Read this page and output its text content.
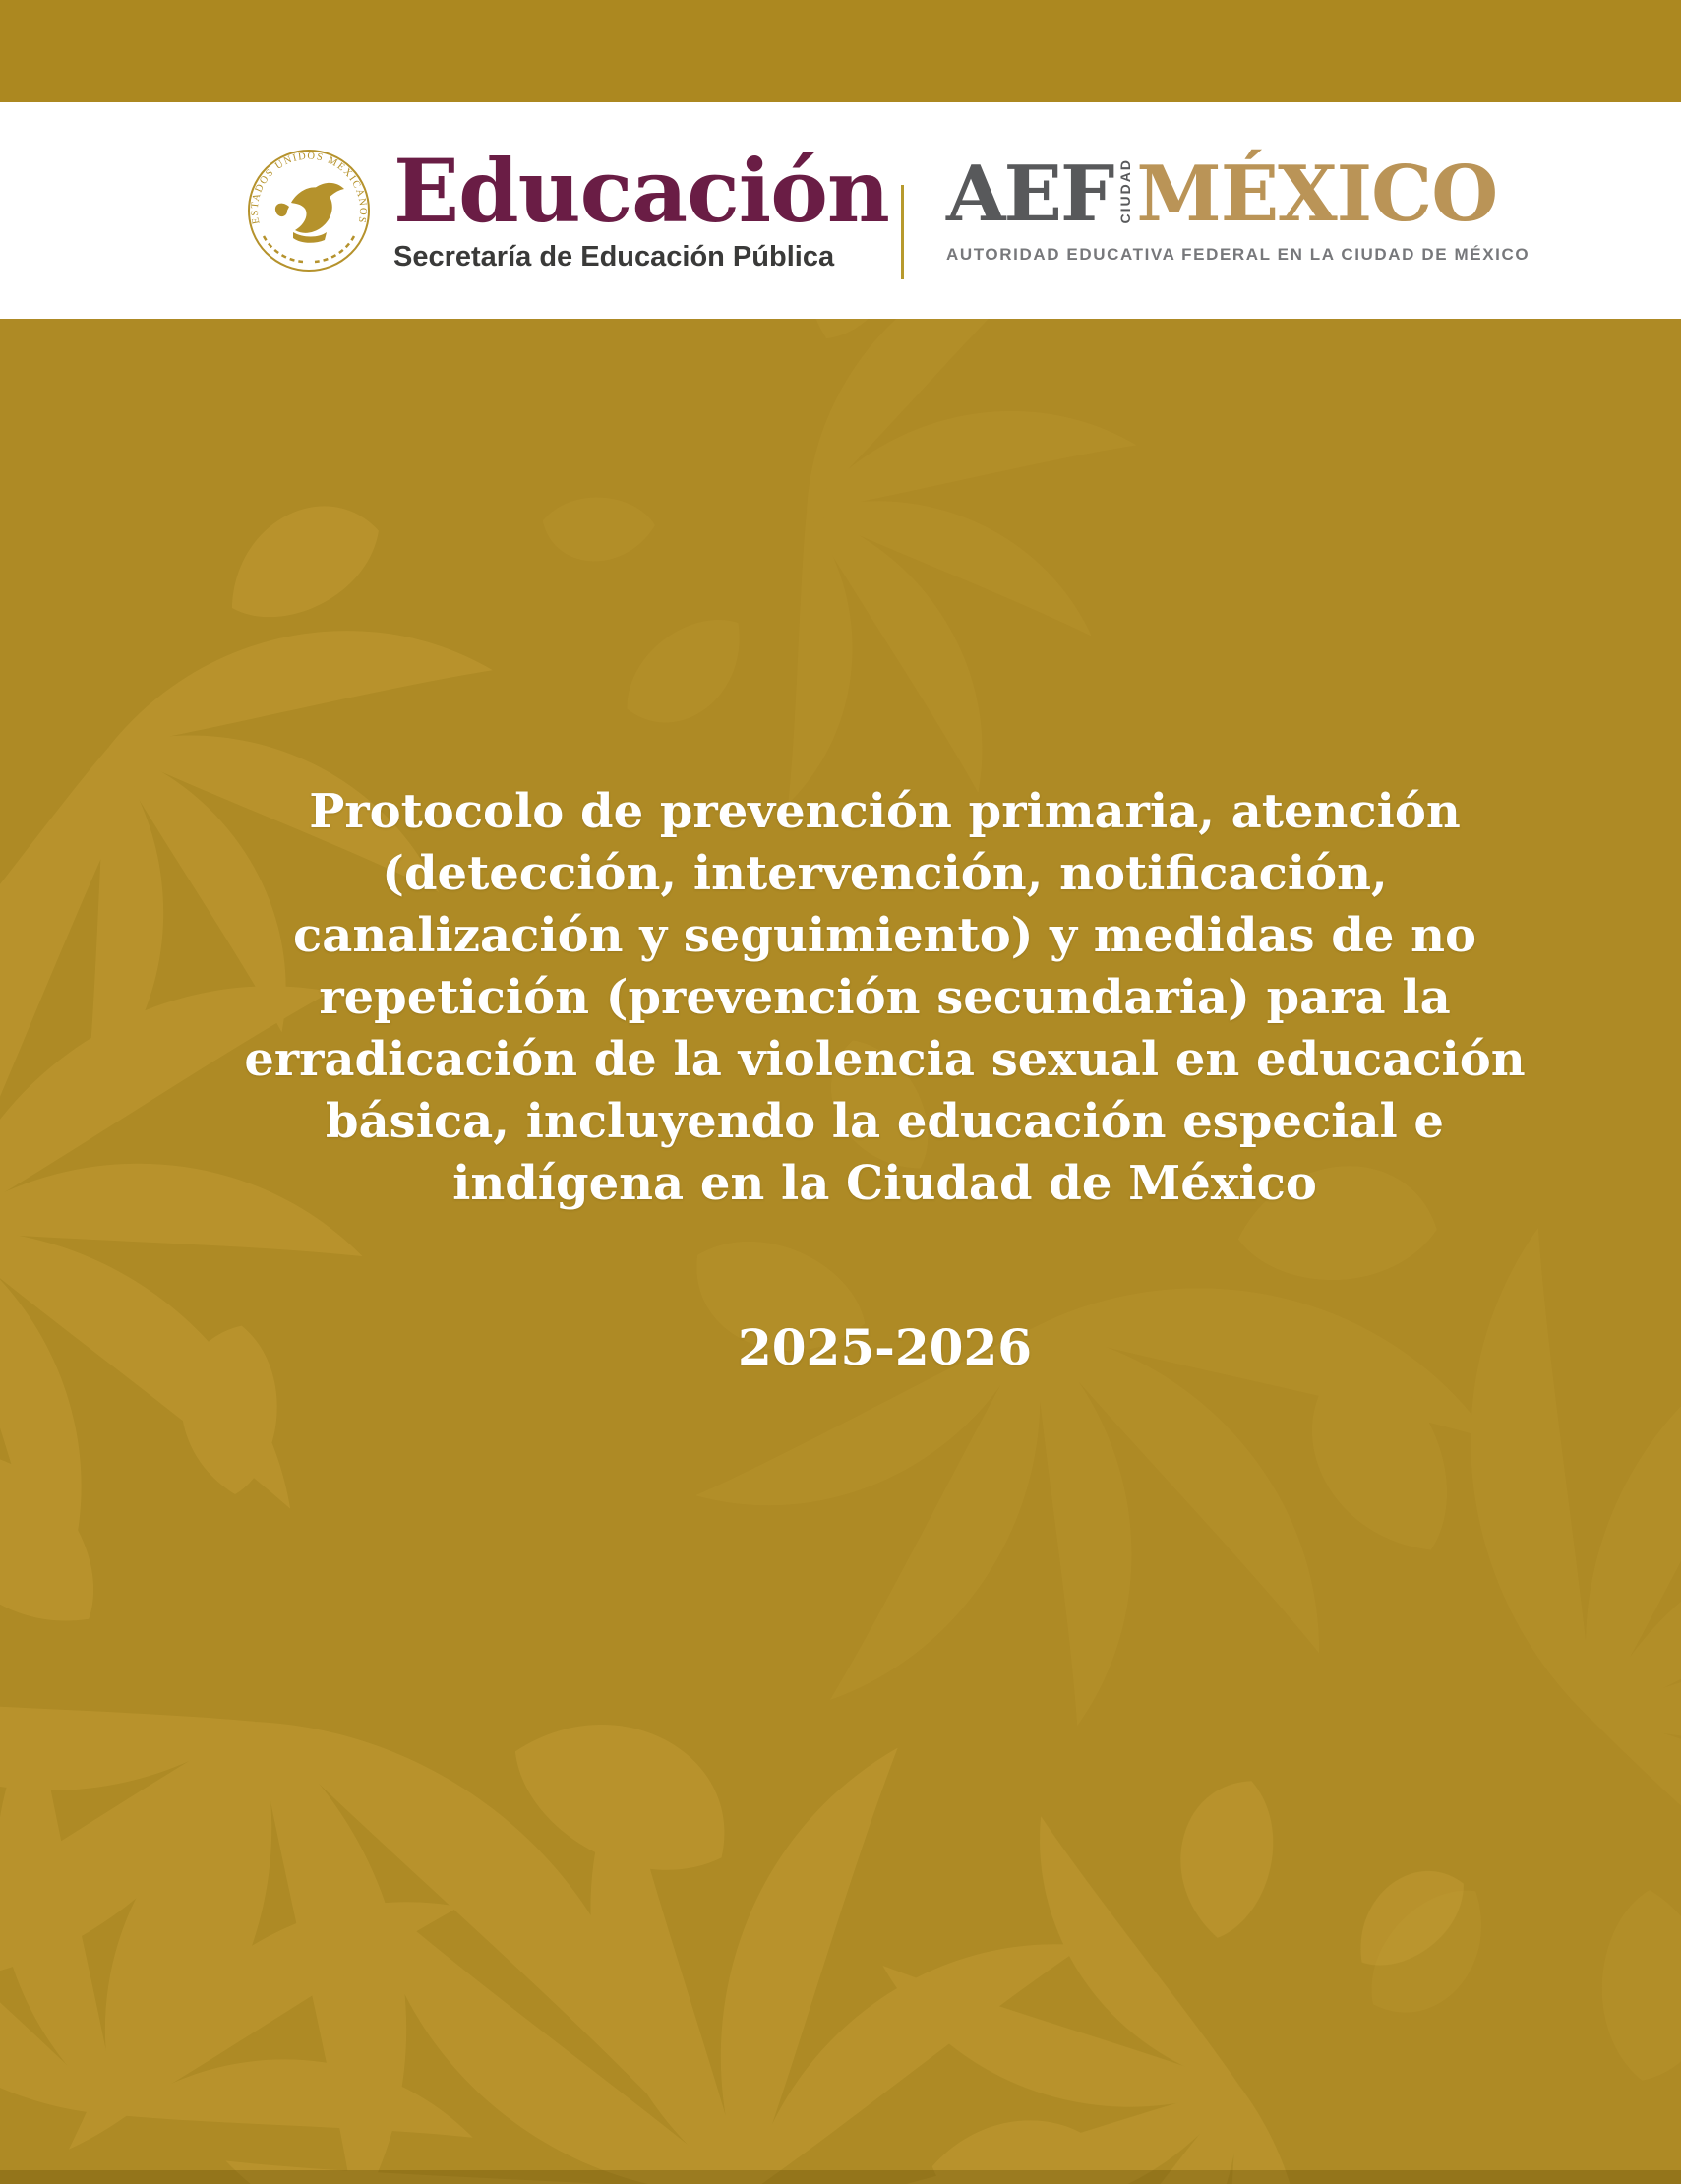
ESTADOS UNIDOS MEXICANOS Educación
Secretaría de Educación Pública
AEF CIUDAD MÉXICO
AUTORIDAD EDUCATIVA FEDERAL EN LA CIUDAD DE MÉXICO

Protocolo de prevención primaria, atención

(detección, intervención, notificación,

canalización y seguimiento) y medidas de no

repetición (prevención secundaria) para la

erradicación de la violencia sexual en educación

básica, incluyendo la educación especial e

indígena en la Ciudad de México

2025-2026
